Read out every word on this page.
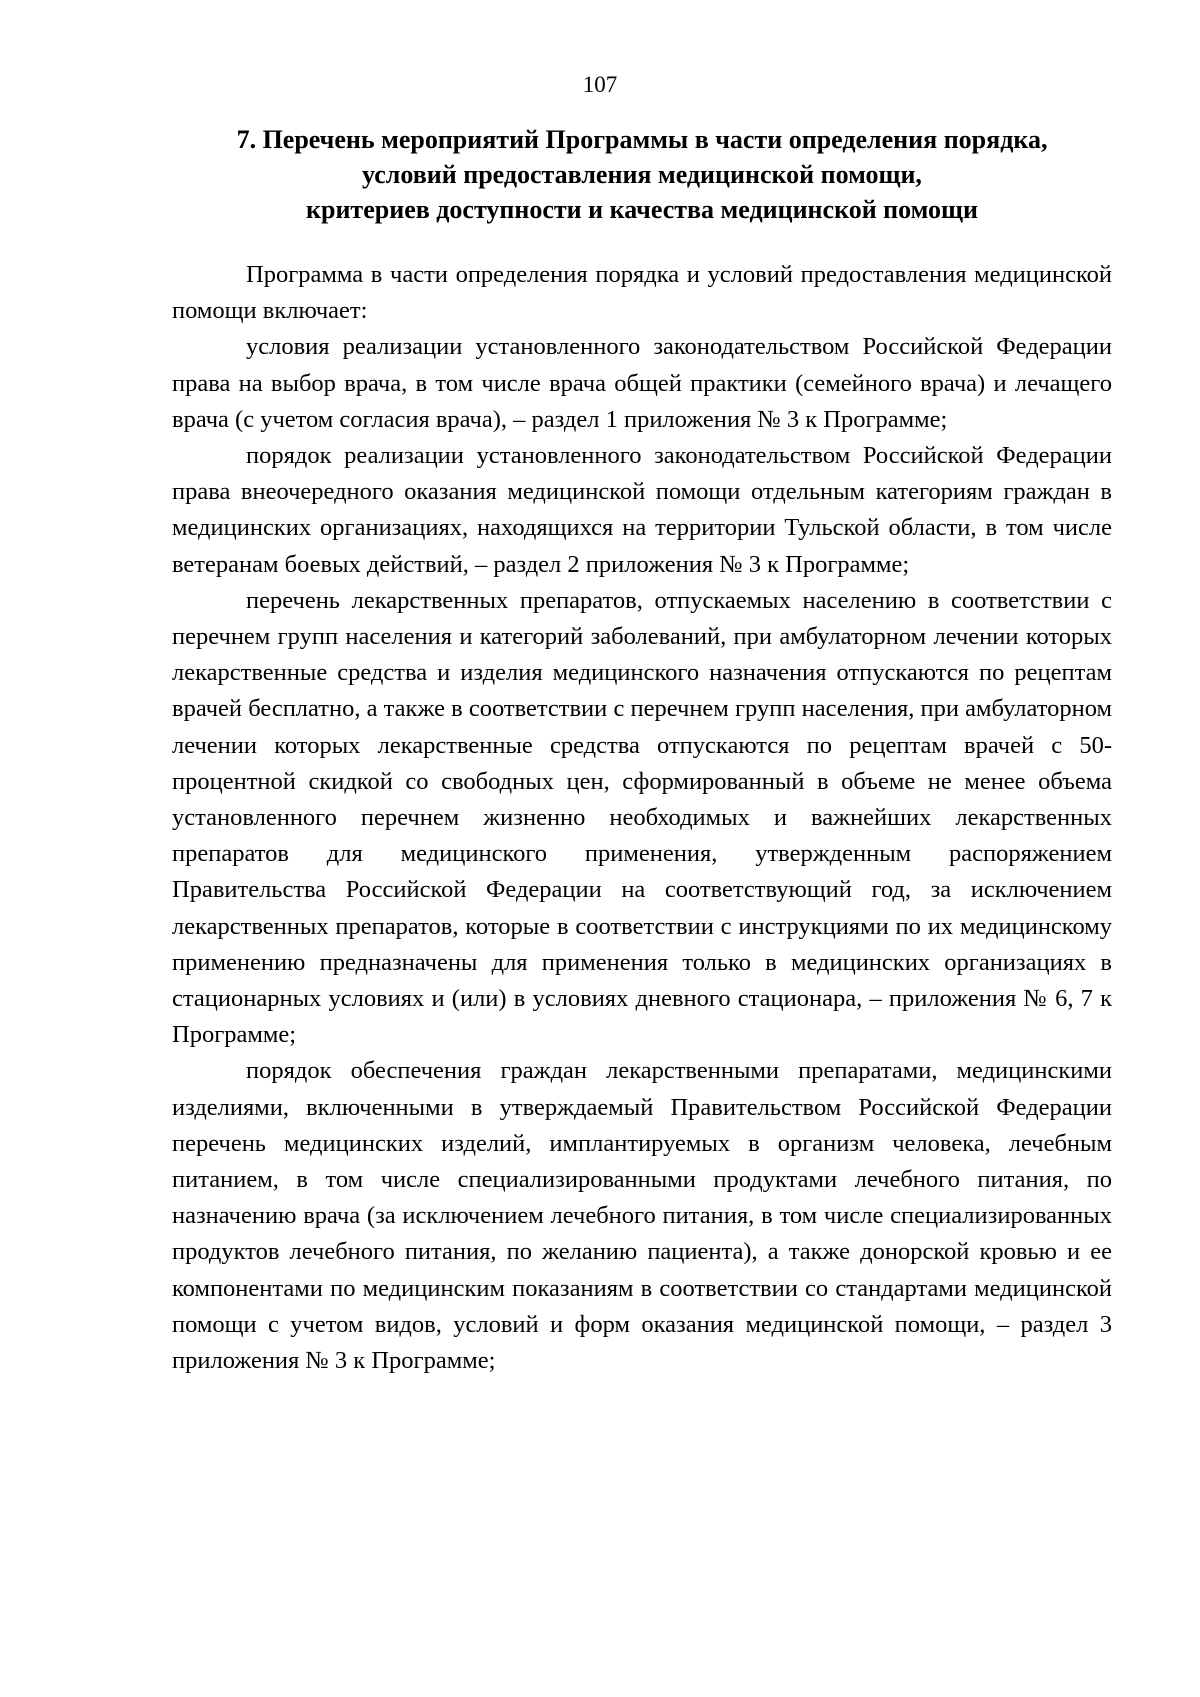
107

7. Перечень мероприятий Программы в части определения порядка,
условий предоставления медицинской помощи,
критериев доступности и качества медицинской помощи

Программа в части определения порядка и условий предоставления медицинской помощи включает:

условия реализации установленного законодательством Российской Федерации права на выбор врача, в том числе врача общей практики (семейного врача) и лечащего врача (с учетом согласия врача), – раздел 1 приложения № 3 к Программе;

порядок реализации установленного законодательством Российской Федерации права внеочередного оказания медицинской помощи отдельным категориям граждан в медицинских организациях, находящихся на территории Тульской области, в том числе ветеранам боевых действий, – раздел 2 приложения № 3 к Программе;

перечень лекарственных препаратов, отпускаемых населению в соответствии с перечнем групп населения и категорий заболеваний, при амбулаторном лечении которых лекарственные средства и изделия медицинского назначения отпускаются по рецептам врачей бесплатно, а также в соответствии с перечнем групп населения, при амбулаторном лечении которых лекарственные средства отпускаются по рецептам врачей с 50-процентной скидкой со свободных цен, сформированный в объеме не менее объема установленного перечнем жизненно необходимых и важнейших лекарственных препаратов для медицинского применения, утвержденным распоряжением Правительства Российской Федерации на соответствующий год, за исключением лекарственных препаратов, которые в соответствии с инструкциями по их медицинскому применению предназначены для применения только в медицинских организациях в стационарных условиях и (или) в условиях дневного стационара, – приложения № 6, 7 к Программе;

порядок обеспечения граждан лекарственными препаратами, медицинскими изделиями, включенными в утверждаемый Правительством Российской Федерации перечень медицинских изделий, имплантируемых в организм человека, лечебным питанием, в том числе специализированными продуктами лечебного питания, по назначению врача (за исключением лечебного питания, в том числе специализированных продуктов лечебного питания, по желанию пациента), а также донорской кровью и ее компонентами по медицинским показаниям в соответствии со стандартами медицинской помощи с учетом видов, условий и форм оказания медицинской помощи, – раздел 3 приложения № 3 к Программе;
